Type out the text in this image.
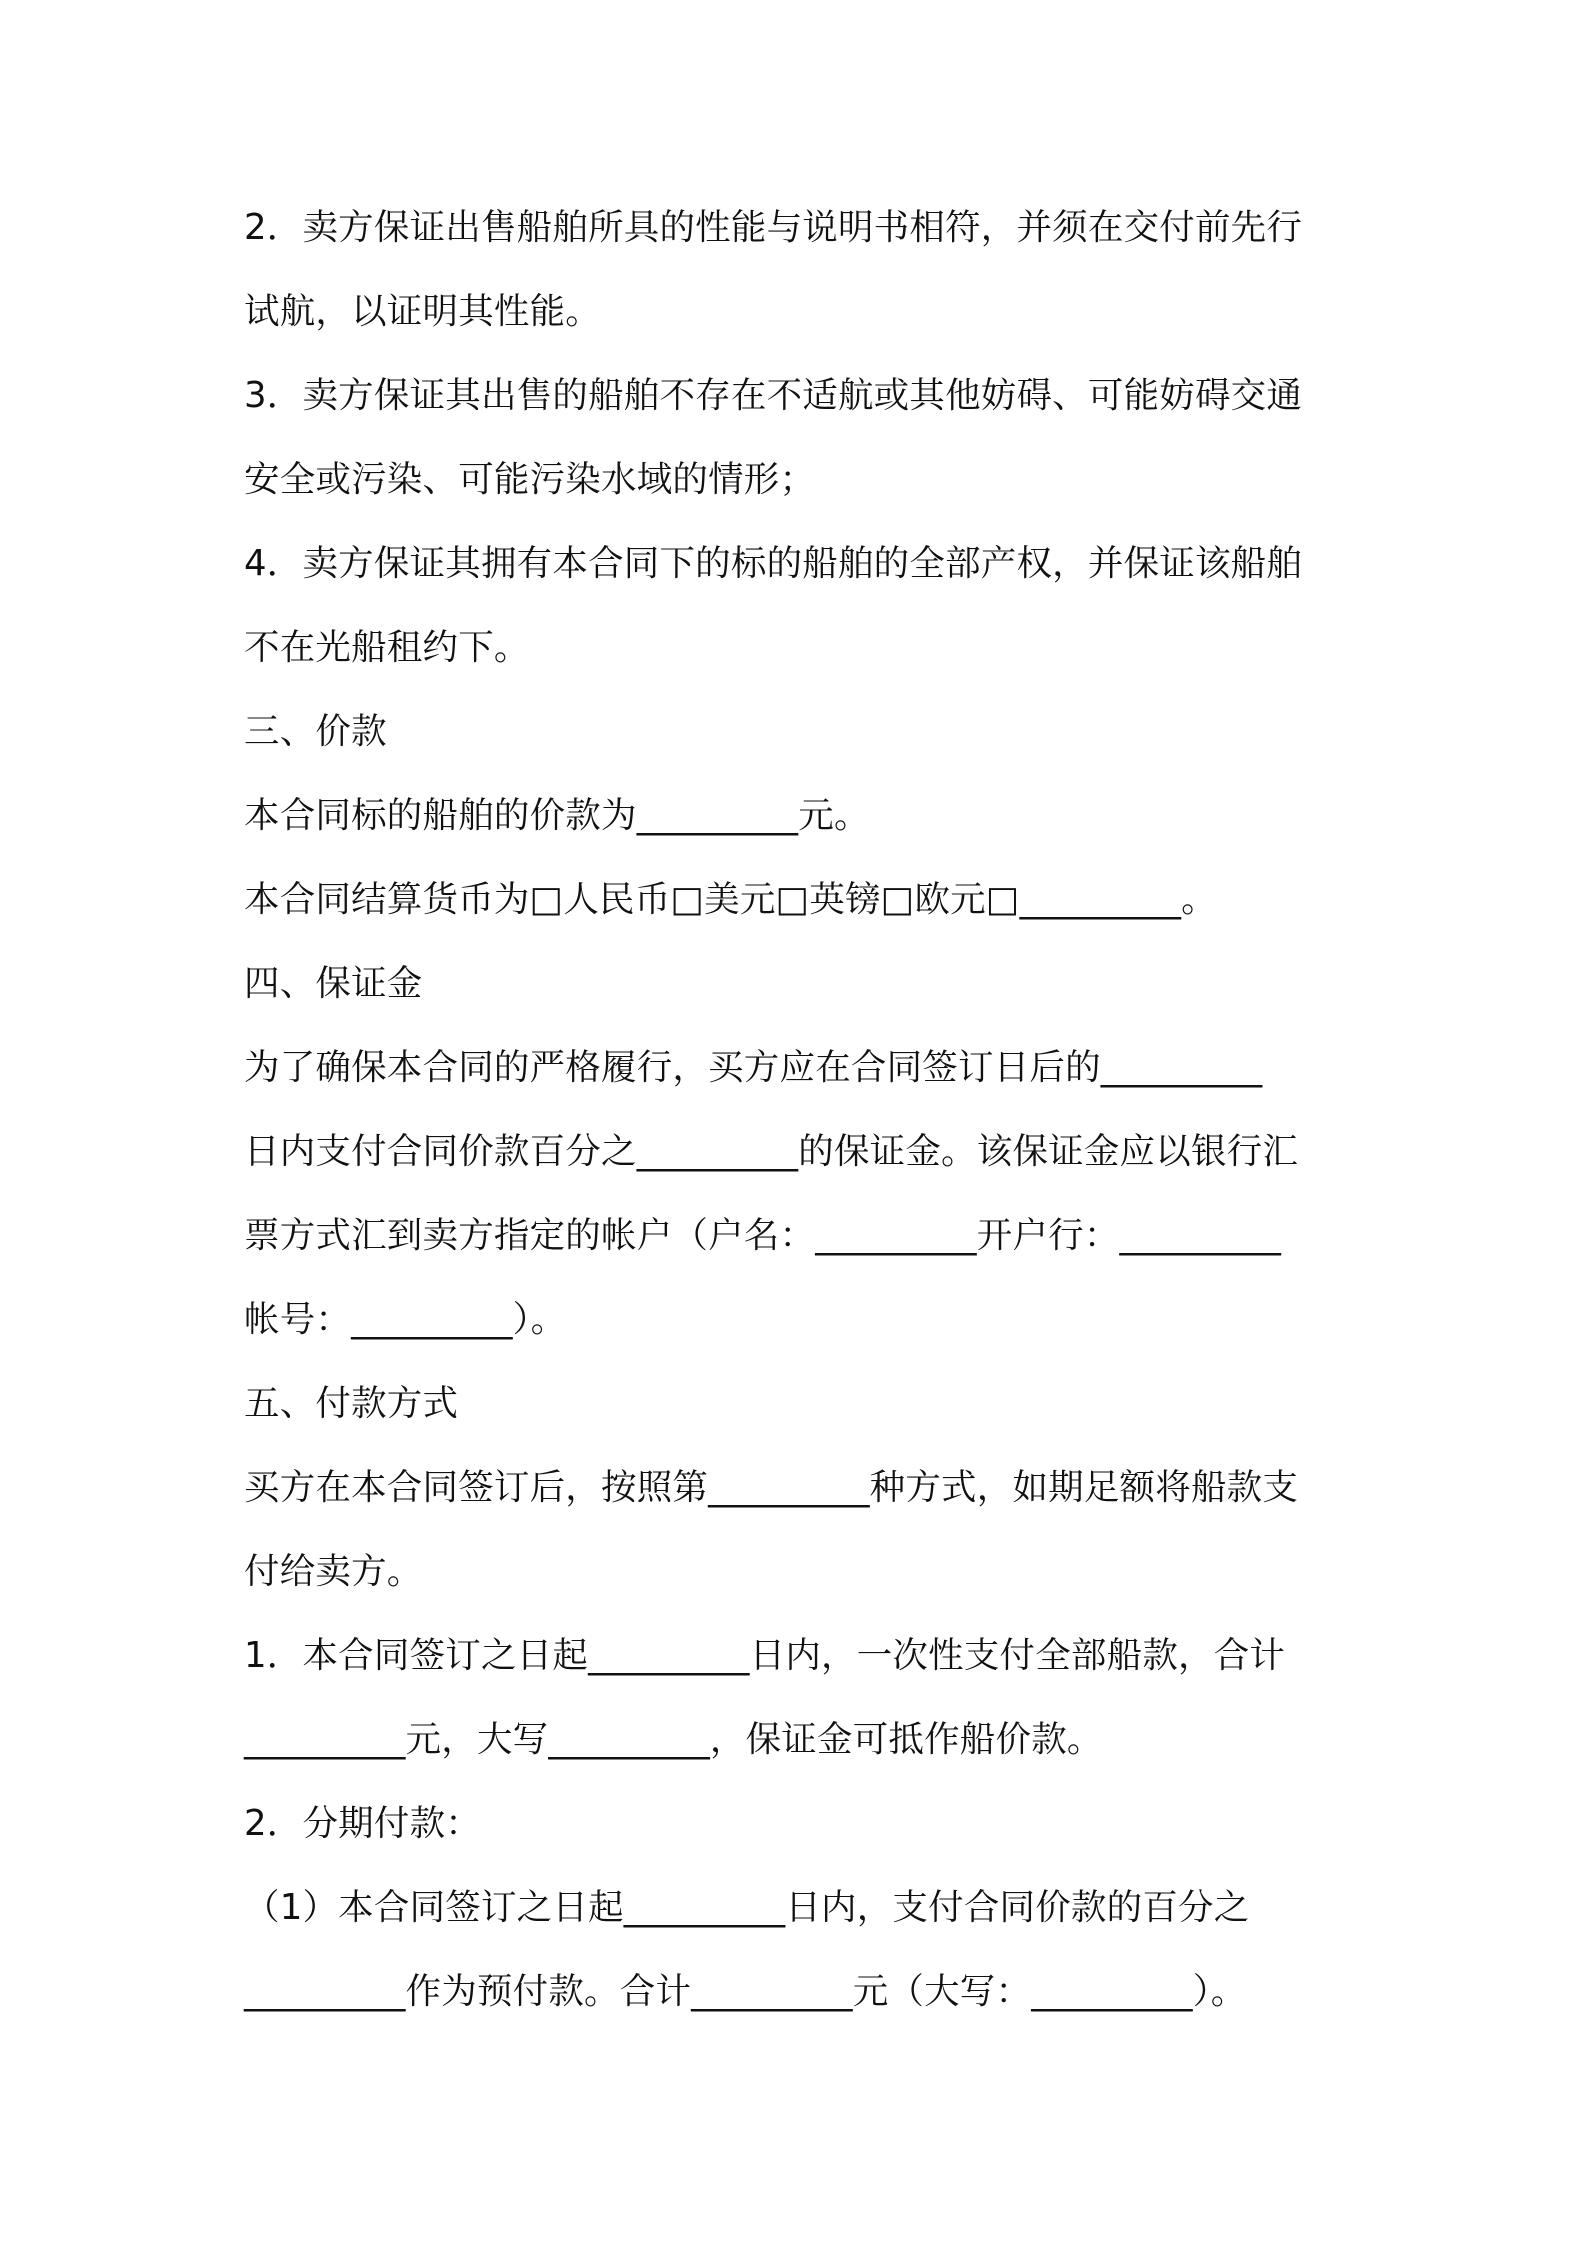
2．卖方保证出售船舶所具的性能与说明书相符，并须在交付前先行
试航，以证明其性能。
3．卖方保证其出售的船舶不存在不适航或其他妨碍、可能妨碍交通
安全或污染、可能污染水域的情形；
4．卖方保证其拥有本合同下的标的船舶的全部产权，并保证该船舶
不在光船租约下。
三、价款
本合同标的船舶的价款为_________元。
本合同结算货币为□人民币□美元□英镑□欧元□_________。
四、保证金
为了确保本合同的严格履行，买方应在合同签订日后的_________
日内支付合同价款百分之_________的保证金。该保证金应以银行汇
票方式汇到卖方指定的帐户（户名：_________开户行：_________
帐号：_________）。
五、付款方式
买方在本合同签订后，按照第_________种方式，如期足额将船款支
付给卖方。
1．本合同签订之日起_________日内，一次性支付全部船款，合计
_________元，大写_________，保证金可抵作船价款。
2．分期付款：
（1）本合同签订之日起_________日内，支付合同价款的百分之
_________作为预付款。合计_________元（大写：_________）。
